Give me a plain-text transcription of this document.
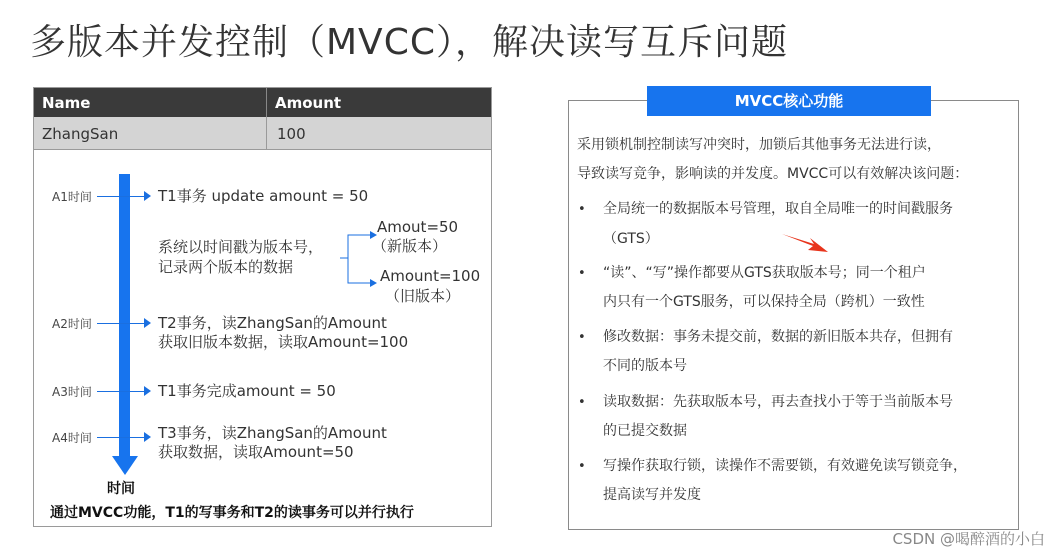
多版本并发控制（MVCC），解决读写互斥问题
Name	Amount
ZhangSan	100
A1时间	T1事务 update amount = 50
系统以时间戳为版本号，
记录两个版本的数据
Amout=50
（新版本）
Amount=100
（旧版本）
A2时间	T2事务，读ZhangSan的Amount
获取旧版本数据，读取Amount=100
A3时间	T1事务完成amount = 50
A4时间	T3事务，读ZhangSan的Amount
获取数据，读取Amount=50
时间
通过MVCC功能，T1的写事务和T2的读事务可以并行执行
MVCC核心功能
采用锁机制控制读写冲突时，加锁后其他事务无法进行读，
导致读写竞争，影响读的并发度。MVCC可以有效解决该问题：
• 全局统一的数据版本号管理，取自全局唯一的时间戳服务
（GTS）
• “读”、“写”操作都要从GTS获取版本号；同一个租户
内只有一个GTS服务，可以保持全局（跨机）一致性
• 修改数据：事务未提交前，数据的新旧版本共存，但拥有
不同的版本号
• 读取数据：先获取版本号，再去查找小于等于当前版本号
的已提交数据
• 写操作获取行锁，读操作不需要锁，有效避免读写锁竞争，
提高读写并发度
CSDN @喝醉酒的小白
